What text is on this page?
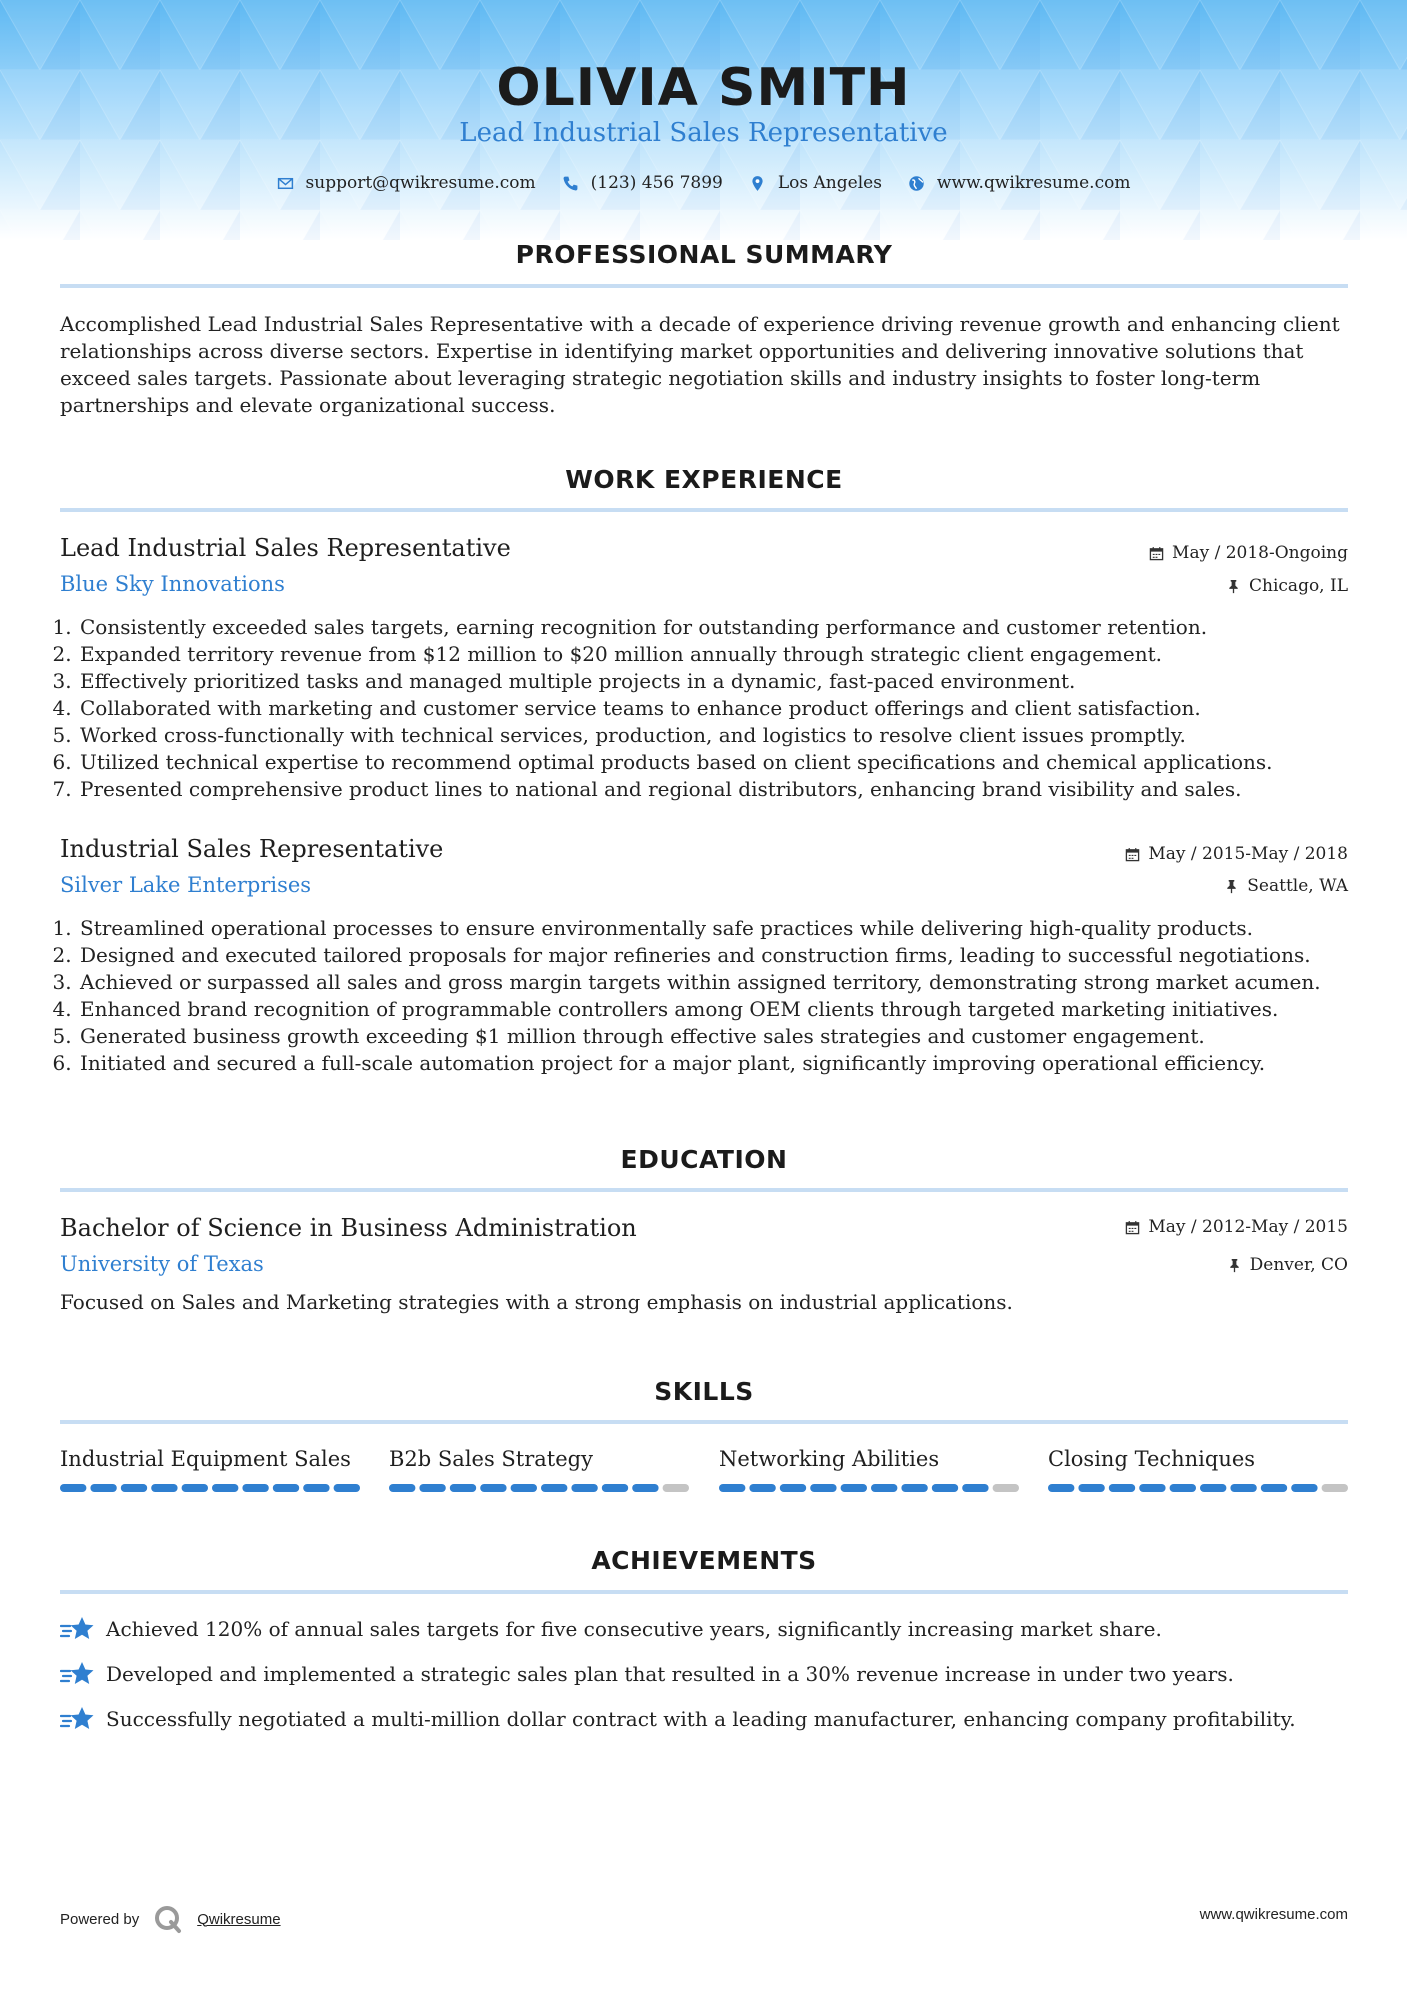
OLIVIA SMITH
Lead Industrial Sales Representative
support@qwikresume.com	(123) 456 7899	Los Angeles	www.qwikresume.com
PROFESSIONAL SUMMARY
Accomplished Lead Industrial Sales Representative with a decade of experience driving revenue growth and enhancing client relationships across diverse sectors. Expertise in identifying market opportunities and delivering innovative solutions that exceed sales targets. Passionate about leveraging strategic negotiation skills and industry insights to foster long-term partnerships and elevate organizational success.
WORK EXPERIENCE
Lead Industrial Sales Representative	May / 2018-Ongoing
Blue Sky Innovations	Chicago, IL
1. Consistently exceeded sales targets, earning recognition for outstanding performance and customer retention.
2. Expanded territory revenue from $12 million to $20 million annually through strategic client engagement.
3. Effectively prioritized tasks and managed multiple projects in a dynamic, fast-paced environment.
4. Collaborated with marketing and customer service teams to enhance product offerings and client satisfaction.
5. Worked cross-functionally with technical services, production, and logistics to resolve client issues promptly.
6. Utilized technical expertise to recommend optimal products based on client specifications and chemical applications.
7. Presented comprehensive product lines to national and regional distributors, enhancing brand visibility and sales.
Industrial Sales Representative	May / 2015-May / 2018
Silver Lake Enterprises	Seattle, WA
1. Streamlined operational processes to ensure environmentally safe practices while delivering high-quality products.
2. Designed and executed tailored proposals for major refineries and construction firms, leading to successful negotiations.
3. Achieved or surpassed all sales and gross margin targets within assigned territory, demonstrating strong market acumen.
4. Enhanced brand recognition of programmable controllers among OEM clients through targeted marketing initiatives.
5. Generated business growth exceeding $1 million through effective sales strategies and customer engagement.
6. Initiated and secured a full-scale automation project for a major plant, significantly improving operational efficiency.
EDUCATION
Bachelor of Science in Business Administration	May / 2012-May / 2015
University of Texas	Denver, CO
Focused on Sales and Marketing strategies with a strong emphasis on industrial applications.
SKILLS
Industrial Equipment Sales	B2b Sales Strategy	Networking Abilities	Closing Techniques
ACHIEVEMENTS
Achieved 120% of annual sales targets for five consecutive years, significantly increasing market share.
Developed and implemented a strategic sales plan that resulted in a 30% revenue increase in under two years.
Successfully negotiated a multi-million dollar contract with a leading manufacturer, enhancing company profitability.
Powered by	Qwikresume	www.qwikresume.com
